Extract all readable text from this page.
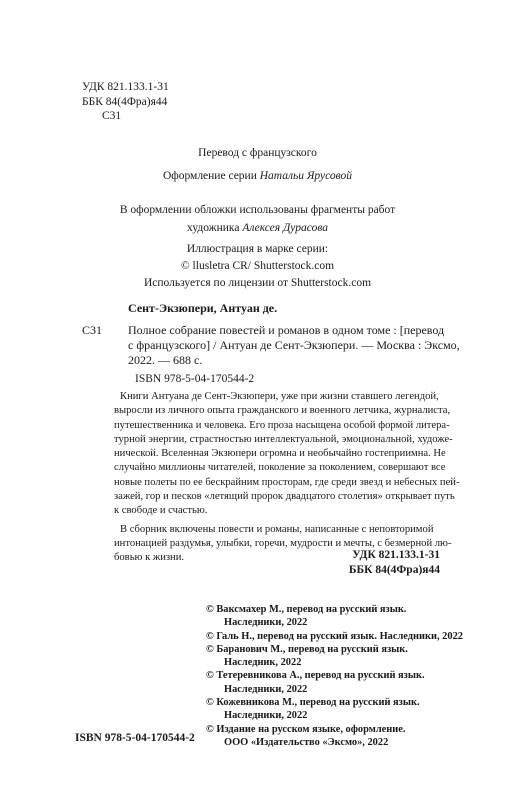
УДК 821.133.1-31
ББК 84(4Фра)я44
С31
Перевод с французского
Оформление серии Натальи Ярусовой
В оформлении обложки использованы фрагменты работ
художника Алексея Дурасова
Иллюстрация в марке серии:
© llusletra CR/ Shutterstock.com
Используется по лицензии от Shutterstock.com
Сент-Экзюпери, Антуан де.
С31 Полное собрание повестей и романов в одном томе : [перевод
с французского] / Антуан де Сент-Экзюпери. — Москва : Эксмо,
2022. — 688 с.
ISBN 978-5-04-170544-2
Книги Антуана де Сент-Экзюпери, уже при жизни ставшего легендой,
выросли из личного опыта гражданского и военного летчика, журналиста,
путешественника и человека. Его проза насыщена особой формой литера-
турной энергии, страстностью интеллектуальной, эмоциональной, художе-
нической. Вселенная Экзюпери огромна и необычайно гостеприимна. Не
случайно миллионы читателей, поколение за поколением, совершают все
новые полеты по ее бескрайним просторам, где среди звезд и небесных пей-
зажей, гор и песков «летящий пророк двадцатого столетия» открывает путь
к свободе и счастью.
В сборник включены повести и романы, написанные с неповторимой
интонацией раздумья, улыбки, горечи, мудрости и мечты, с безмерной лю-
бовью к жизни.	УДК 821.133.1-31
ББК 84(4Фра)я44
© Ваксмахер М., перевод на русский язык.
Наследники, 2022
© Галь Н., перевод на русский язык. Наследники, 2022
© Баранович М., перевод на русский язык.
Наследник, 2022
© Тетеревникова А., перевод на русский язык.
Наследники, 2022
© Кожевникова М., перевод на русский язык.
Наследники, 2022
© Издание на русском языке, оформление.
ООО «Издательство «Эксмо», 2022
ISBN 978-5-04-170544-2
